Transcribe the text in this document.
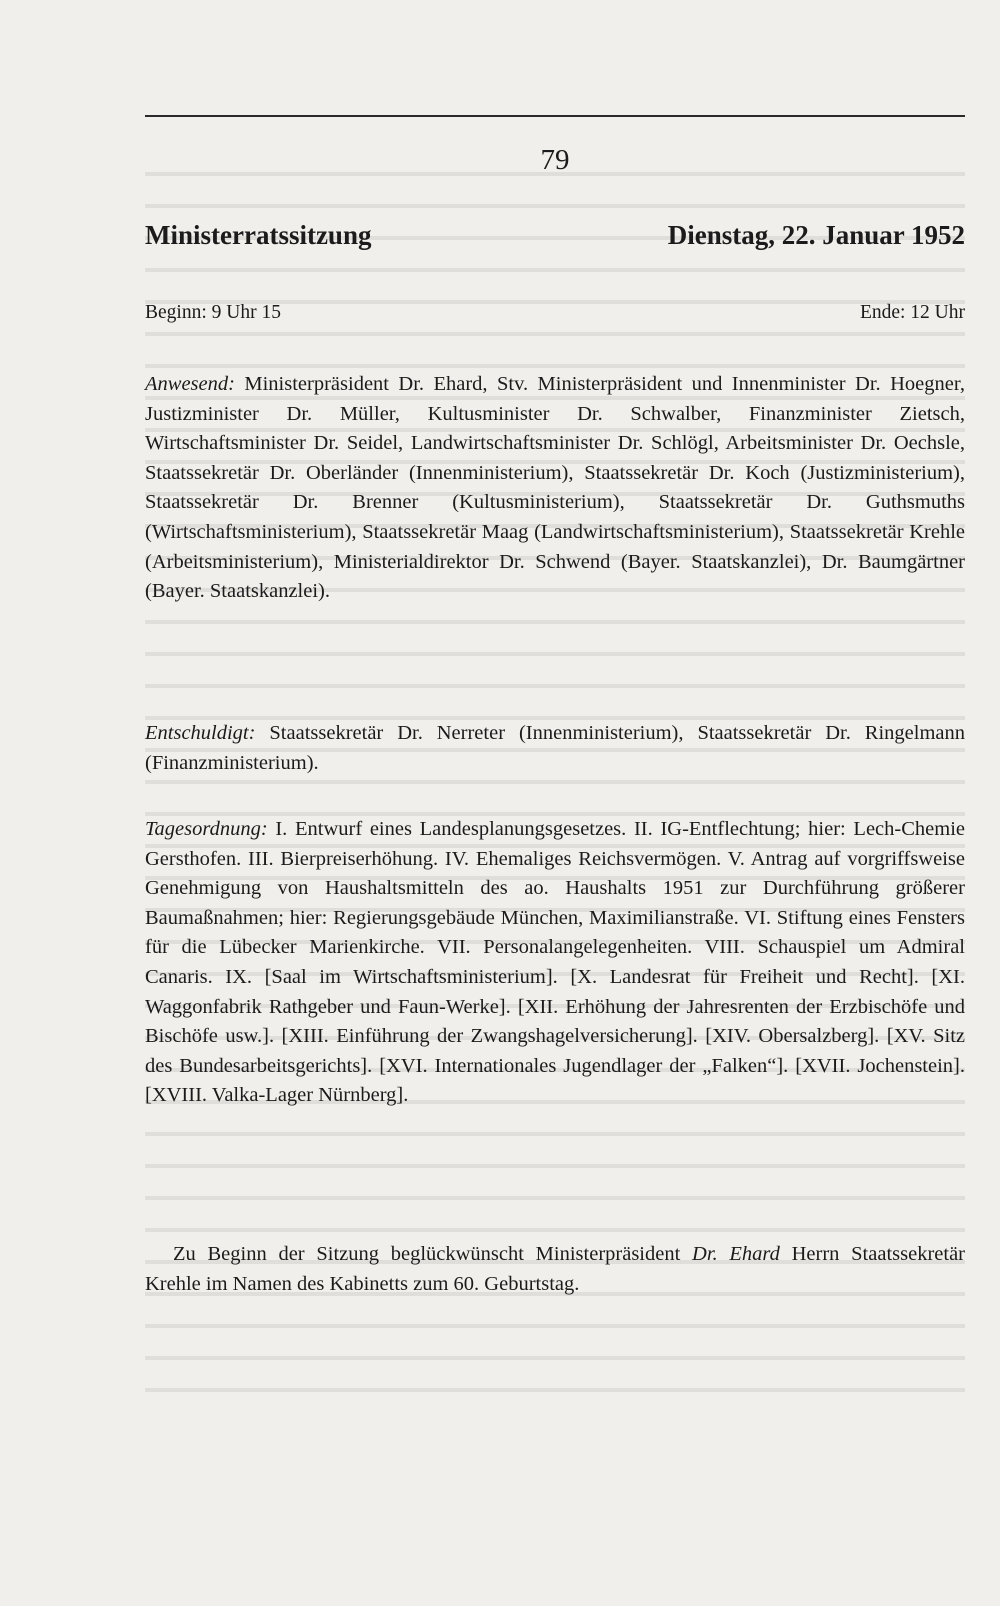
79
Ministerratssitzung	Dienstag, 22. Januar 1952
Beginn: 9 Uhr 15	Ende: 12 Uhr

Anwesend: Ministerpräsident Dr. Ehard, Stv. Ministerpräsident und Innenminister Dr. Hoegner, Justizminister Dr. Müller, Kultusminister Dr. Schwalber, Finanzminister Zietsch, Wirtschaftsminister Dr. Seidel, Landwirtschaftsminister Dr. Schlögl, Arbeitsminister Dr. Oechsle, Staatssekretär Dr. Oberländer (Innenministerium), Staatssekretär Dr. Koch (Justizministerium), Staatssekretär Dr. Brenner (Kultusministerium), Staatssekretär Dr. Guthsmuths (Wirtschaftsministerium), Staatssekretär Maag (Landwirtschaftsministerium), Staatssekretär Krehle (Arbeitsministerium), Ministerialdirektor Dr. Schwend (Bayer. Staatskanzlei), Dr. Baumgärtner (Bayer. Staatskanzlei).

Entschuldigt: Staatssekretär Dr. Nerreter (Innenministerium), Staatssekretär Dr. Ringelmann (Finanzministerium).

Tagesordnung: I. Entwurf eines Landesplanungsgesetzes. II. IG-Entflechtung; hier: Lech-Chemie Gersthofen. III. Bierpreiserhöhung. IV. Ehemaliges Reichsvermögen. V. Antrag auf vorgriffsweise Genehmigung von Haushaltsmitteln des ao. Haushalts 1951 zur Durchführung größerer Baumaßnahmen; hier: Regierungsgebäude München, Maximilianstraße. VI. Stiftung eines Fensters für die Lübecker Marienkirche. VII. Personalangelegenheiten. VIII. Schauspiel um Admiral Canaris. IX. [Saal im Wirtschaftsministerium]. [X. Landesrat für Freiheit und Recht]. [XI. Waggonfabrik Rathgeber und Faun-Werke]. [XII. Erhöhung der Jahresrenten der Erzbischöfe und Bischöfe usw.]. [XIII. Einführung der Zwangshagelversicherung]. [XIV. Obersalzberg]. [XV. Sitz des Bundesarbeitsgerichts]. [XVI. Internationales Jugendlager der „Falken“]. [XVII. Jochenstein]. [XVIII. Valka-Lager Nürnberg].

Zu Beginn der Sitzung beglückwünscht Ministerpräsident Dr. Ehard Herrn Staatssekretär Krehle im Namen des Kabinetts zum 60. Geburtstag.
